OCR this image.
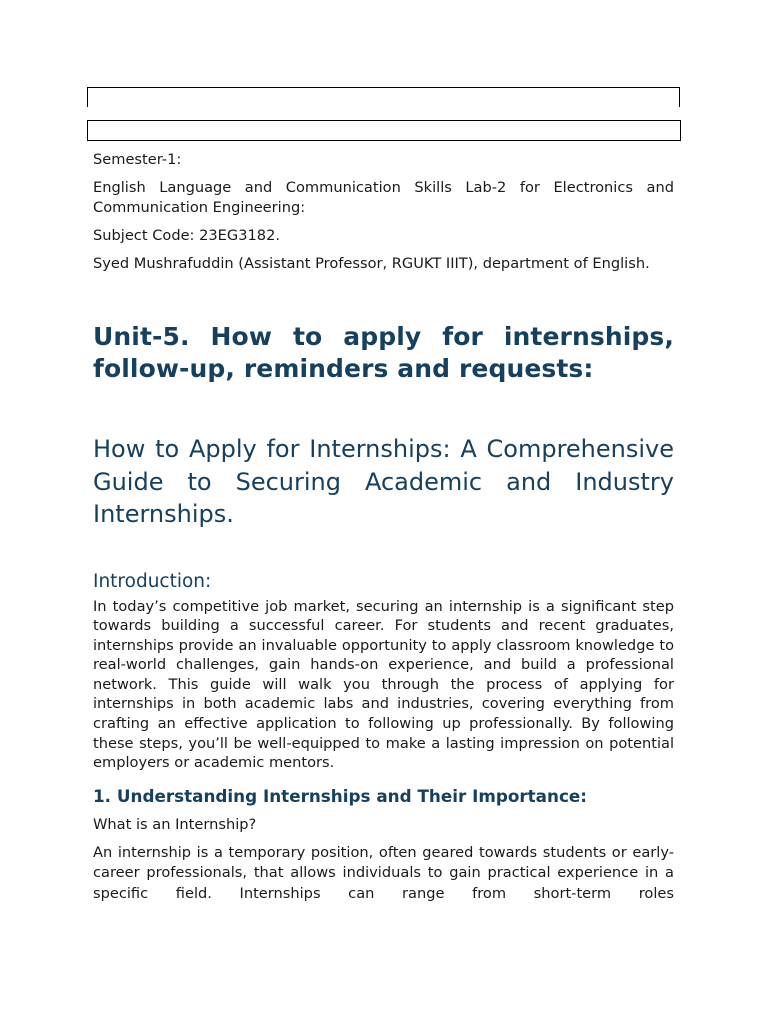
Semester-1:

English Language and Communication Skills Lab-2 for Electronics and Communication Engineering:

Subject Code: 23EG3182.

Syed Mushrafuddin (Assistant Professor, RGUKT IIIT), department of English.

Unit-5. How to apply for internships, follow-up, reminders and requests:
How to Apply for Internships: A Comprehensive Guide to Securing Academic and Industry Internships.
Introduction:

In today’s competitive job market, securing an internship is a significant step towards building a successful career. For students and recent graduates, internships provide an invaluable opportunity to apply classroom knowledge to real-world challenges, gain hands-on experience, and build a professional network. This guide will walk you through the process of applying for internships in both academic labs and industries, covering everything from crafting an effective application to following up professionally. By following these steps, you’ll be well-equipped to make a lasting impression on potential employers or academic mentors.

1. Understanding Internships and Their Importance:

What is an Internship?

An internship is a temporary position, often geared towards students or early-career professionals, that allows individuals to gain practical experience in a specific field. Internships can range from short-term roles
